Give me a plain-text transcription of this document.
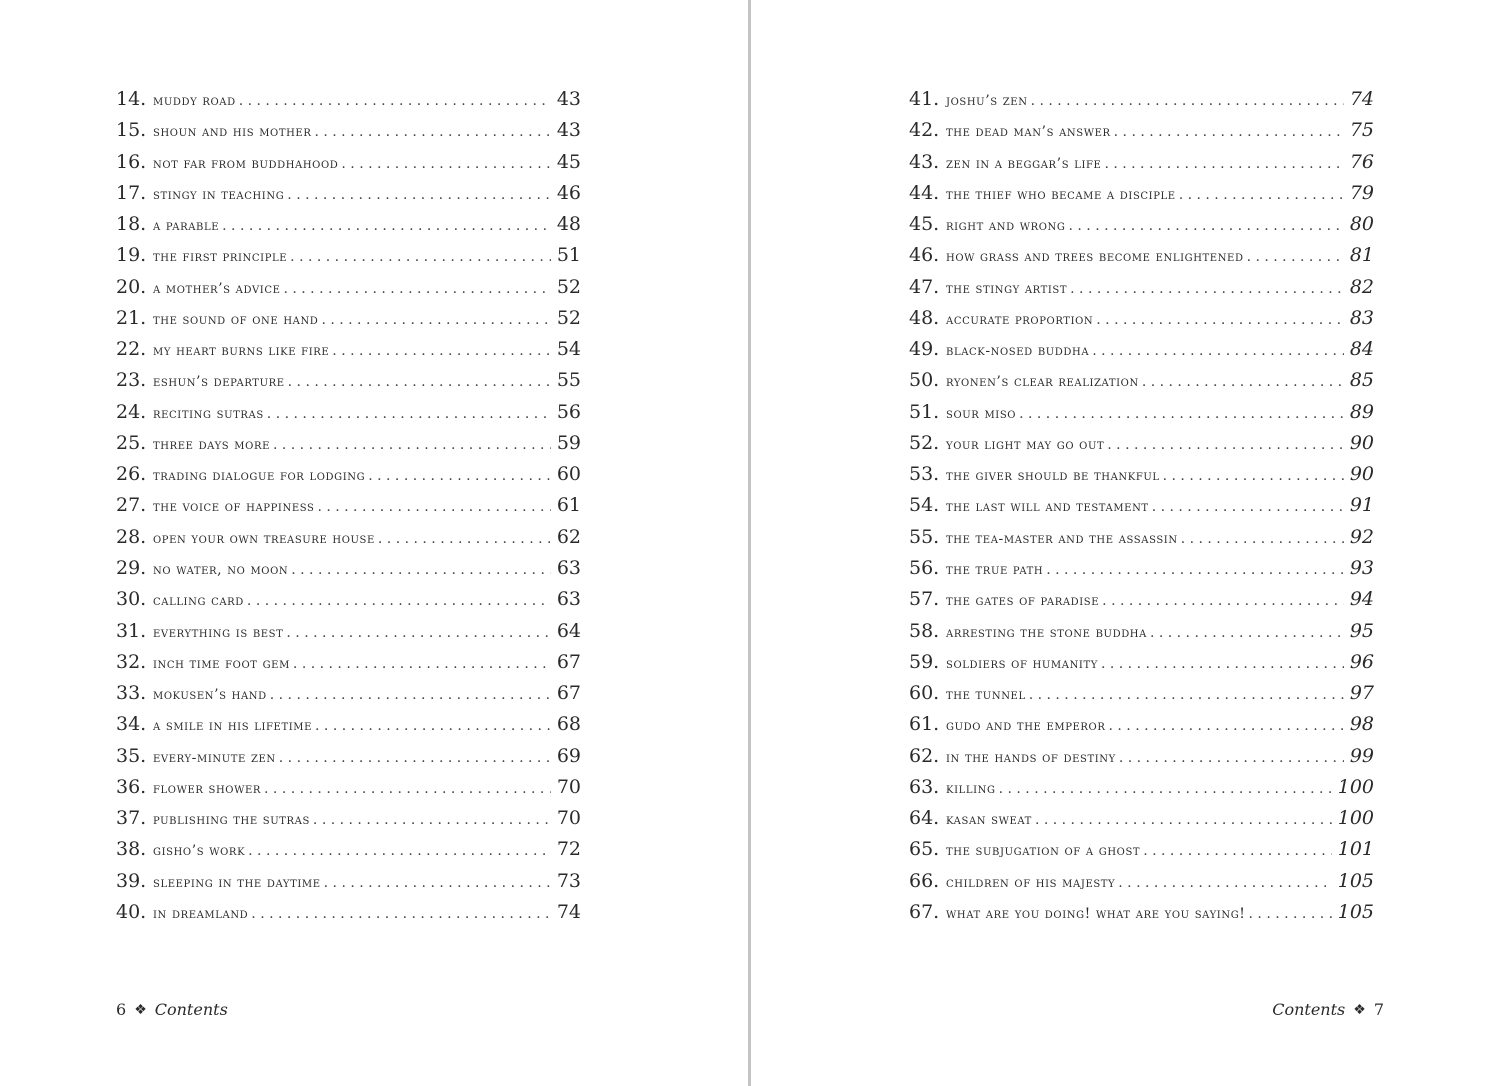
14. muddy road . . .	43
15. shoun and his mother . . .	43
16. not far from buddhahood . . .	45
17. stingy in teaching . . .	46
18. a parable . . .	48
19. the first principle . . .	51
20. a mother’s advice . . .	52
21. the sound of one hand . . .	52
22. my heart burns like fire . . .	54
23. eshun’s departure . . .	55
24. reciting sutras . . .	56
25. three days more . . .	59
26. trading dialogue for lodging . . .	60
27. the voice of happiness . . .	61
28. open your own treasure house . . .	62
29. no water, no moon . . .	63
30. calling card . . .	63
31. everything is best . . .	64
32. inch time foot gem . . .	67
33. mokusen’s hand . . .	67
34. a smile in his lifetime . . .	68
35. every-minute zen . . .	69
36. flower shower . . .	70
37. publishing the sutras . . .	70
38. gisho’s work . . .	72
39. sleeping in the daytime . . .	73
40. in dreamland . . .	74
41. joshu’s zen . . .	74
42. the dead man’s answer . . .	75
43. zen in a beggar’s life . . .	76
44. the thief who became a disciple . . .	79
45. right and wrong . . .	80
46. how grass and trees become enlightened . . .	81
47. the stingy artist . . .	82
48. accurate proportion . . .	83
49. black-nosed buddha . . .	84
50. ryonen’s clear realization . . .	85
51. sour miso . . .	89
52. your light may go out . . .	90
53. the giver should be thankful . . .	90
54. the last will and testament . . .	91
55. the tea-master and the assassin . . .	92
56. the true path . . .	93
57. the gates of paradise . . .	94
58. arresting the stone buddha . . .	95
59. soldiers of humanity . . .	96
60. the tunnel . . .	97
61. gudo and the emperor . . .	98
62. in the hands of destiny . . .	99
63. killing . . .	100
64. kasan sweat . . .	100
65. the subjugation of a ghost . . .	101
66. children of his majesty . . .	105
67. what are you doing! what are you saying! . . .	105
6 ❖ Contents	Contents ❖ 7
